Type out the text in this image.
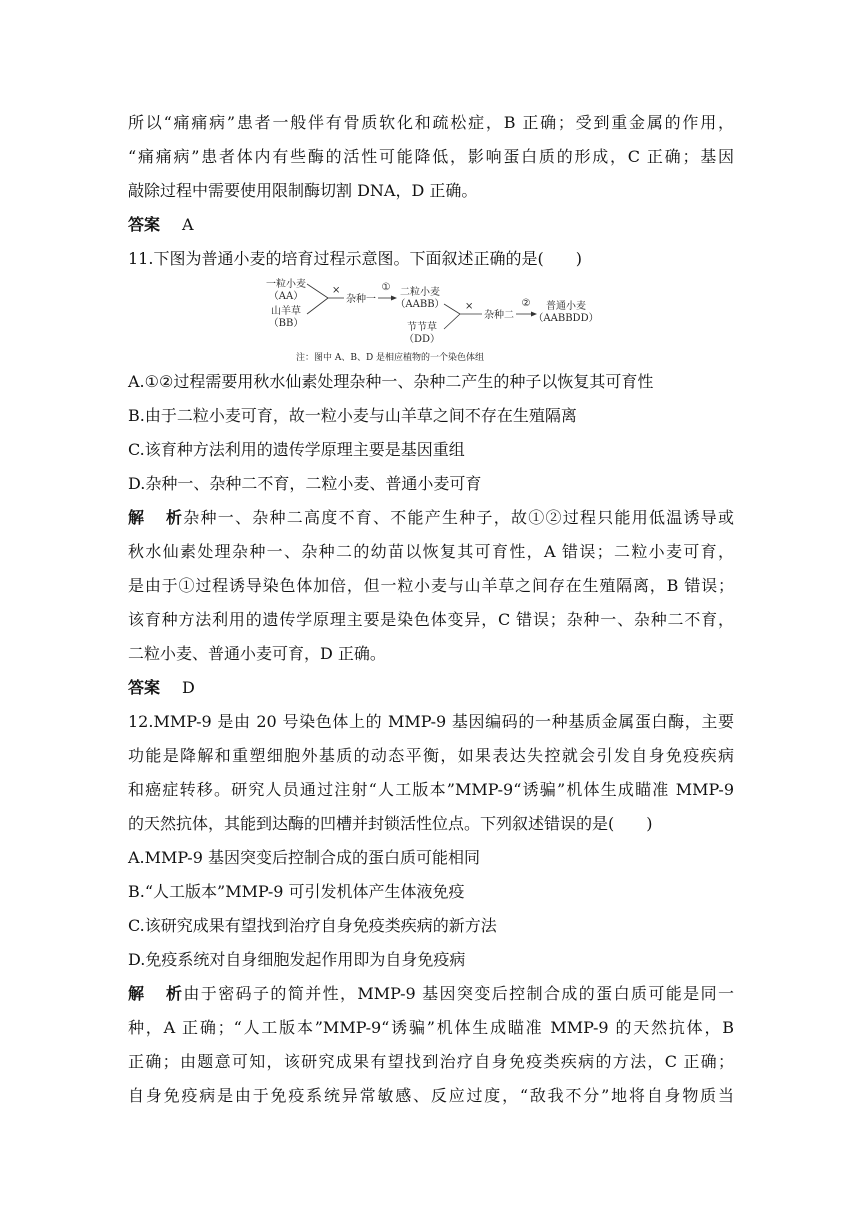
所以“痛痛病”患者一般伴有骨质软化和疏松症，B 正确；受到重金属的作用，
“痛痛病”患者体内有些酶的活性可能降低，影响蛋白质的形成，C 正确；基因
敲除过程中需要使用限制酶切割 DNA，D 正确。
答案 A
11.下图为普通小麦的培育过程示意图。下面叙述正确的是(　　)
一粒小麦
（AA）
山羊草
（BB）
×
杂种一
① 二粒小麦
（AABB）
节节草
（DD）
×
杂种二
② 普通小麦
（AABBDD）
注：图中 A、B、D 是相应植物的一个染色体组
A.①②过程需要用秋水仙素处理杂种一、杂种二产生的种子以恢复其可育性
B.由于二粒小麦可育，故一粒小麦与山羊草之间不存在生殖隔离
C.该育种方法利用的遗传学原理主要是基因重组
D.杂种一、杂种二不育，二粒小麦、普通小麦可育
解析杂种一、杂种二高度不育、不能产生种子，故①②过程只能用低温诱导或
秋水仙素处理杂种一、杂种二的幼苗以恢复其可育性，A 错误；二粒小麦可育，
是由于①过程诱导染色体加倍，但一粒小麦与山羊草之间存在生殖隔离，B 错误；
该育种方法利用的遗传学原理主要是染色体变异，C 错误；杂种一、杂种二不育，
二粒小麦、普通小麦可育，D 正确。
答案 D
12.MMP-9 是由 20 号染色体上的 MMP-9 基因编码的一种基质金属蛋白酶，主要
功能是降解和重塑细胞外基质的动态平衡，如果表达失控就会引发自身免疫疾病
和癌症转移。研究人员通过注射“人工版本”MMP-9“诱骗”机体生成瞄准 MMP-9
的天然抗体，其能到达酶的凹槽并封锁活性位点。下列叙述错误的是(　　)
A.MMP-9 基因突变后控制合成的蛋白质可能相同
B.“人工版本”MMP-9 可引发机体产生体液免疫
C.该研究成果有望找到治疗自身免疫类疾病的新方法
D.免疫系统对自身细胞发起作用即为自身免疫病
解析由于密码子的简并性，MMP-9 基因突变后控制合成的蛋白质可能是同一
种，A 正确；“人工版本”MMP-9“诱骗”机体生成瞄准 MMP-9 的天然抗体，B
正确；由题意可知，该研究成果有望找到治疗自身免疫类疾病的方法，C 正确；
自身免疫病是由于免疫系统异常敏感、反应过度，“敌我不分”地将自身物质当
